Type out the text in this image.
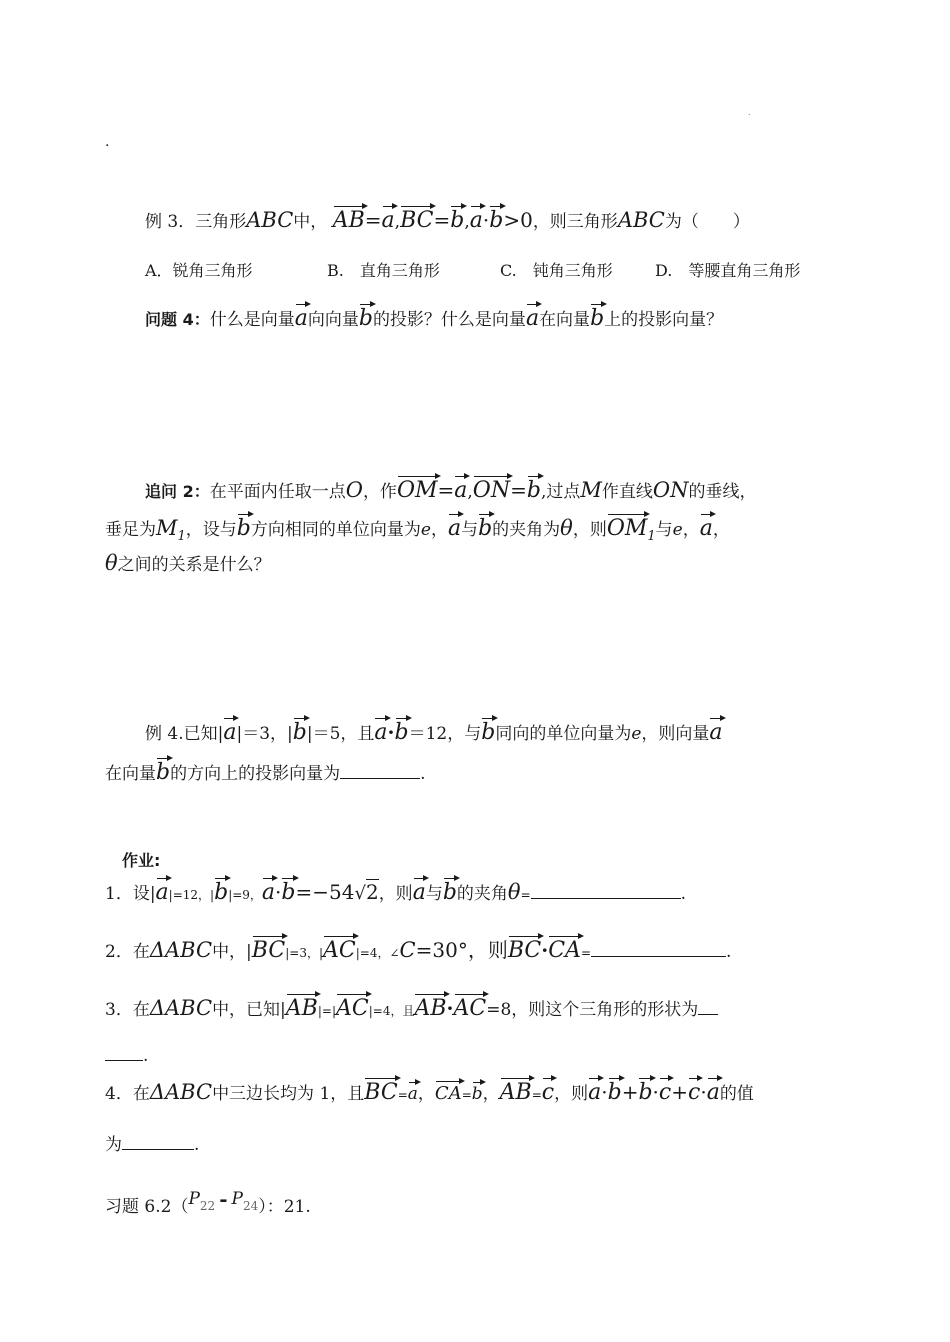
.
.
例 3．三角形ABC中， AB=a,BC=b,a·b>0，则三角形ABC为（　　）
A．锐角三角形	B.　直角三角形	C.　钝角三角形	D.　等腰直角三角形
问题 4：什么是向量a向向量b的投影？什么是向量a在向量b上的投影向量？
追问 2：在平面内任取一点O，作OM=a,ON=b,过点M作直线ON的垂线，
垂足为$M_1$，设与b方向相同的单位向量为e，a与b的夹角为θ，则$OM_1$与e，a，
θ之间的关系是什么？
例 4.已知|a|＝3，|b|＝5，且a·b＝12，与b同向的单位向量为e，则向量a
在向量b的方向上的投影向量为	.
作业:
1．设|a|=12，|b|=9，a·b=−54√2，则a与b的夹角θ=	.
2．在ΔABC中，|BC|=3，|AC|=4，∠C=30°，则BC·CA=	.
3．在ΔABC中，已知|AB|=|AC|=4，且AB·AC=8，则这个三角形的形状为
.
4．在ΔABC中三边长均为 1，且BC=a，CA=b，AB=c，则a·b+b·c+c·a的值
为	.
习题 6.2（P22 - P24）：21.
